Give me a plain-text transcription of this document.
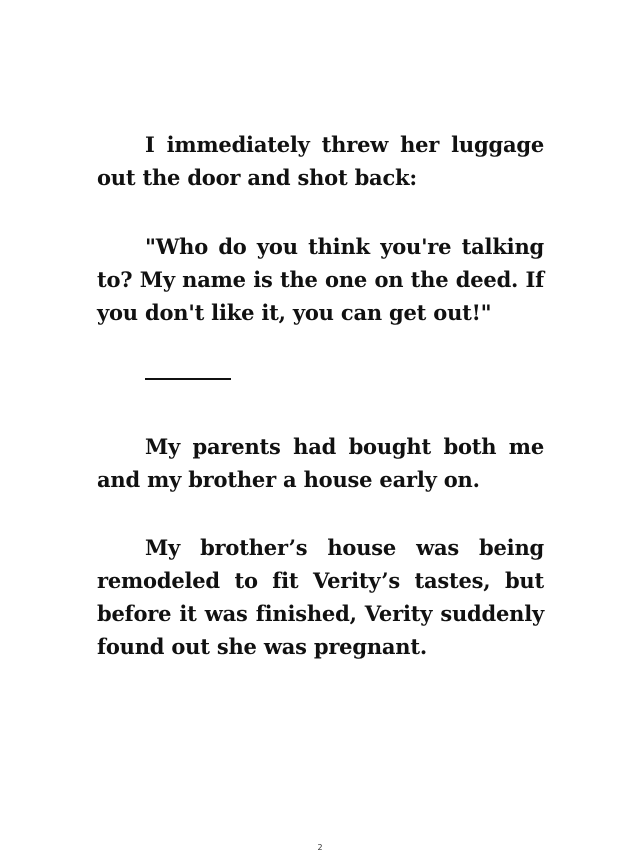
I immediately threw her luggage out the door and shot back:

"Who do you think you're talking to? My name is the one on the deed. If you don't like it, you can get out!"

My parents had bought both me and my brother a house early on.

My brother’s house was being remodeled to fit Verity’s tastes, but before it was finished, Verity suddenly found out she was pregnant.

2
